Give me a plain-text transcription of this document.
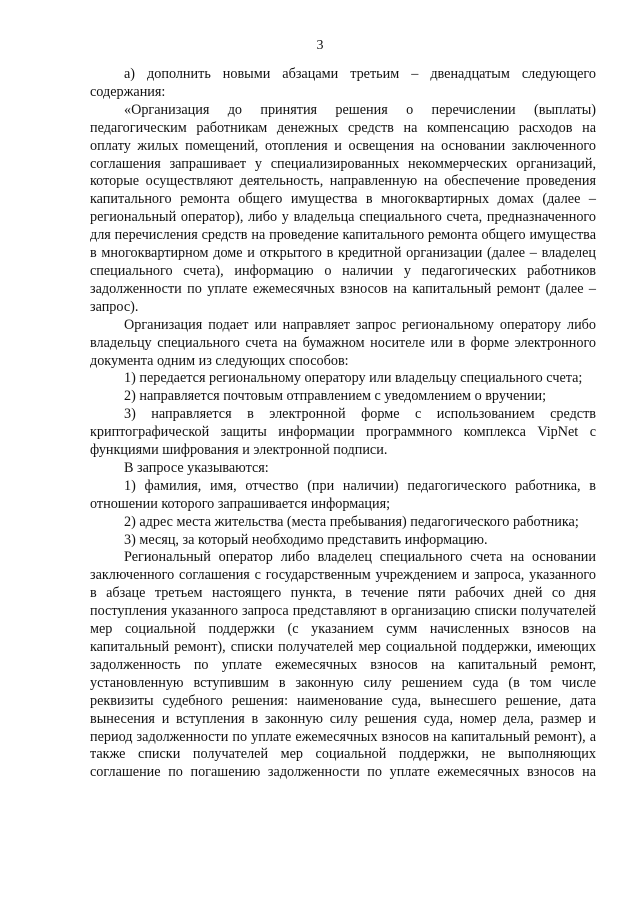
3

а) дополнить новыми абзацами третьим – двенадцатым следующего содержания:

«Организация до принятия решения о перечислении (выплаты) педагогическим работникам денежных средств на компенсацию расходов на оплату жилых помещений, отопления и освещения на основании заключенного соглашения запрашивает у специализированных некоммерческих организаций, которые осуществляют деятельность, направленную на обеспечение проведения капитального ремонта общего имущества в многоквартирных домах (далее – региональный оператор), либо у владельца специального счета, предназначенного для перечисления средств на проведение капитального ремонта общего имущества в многоквартирном доме и открытого в кредитной организации (далее – владелец специального счета), информацию о наличии у педагогических работников задолженности по уплате ежемесячных взносов на капитальный ремонт (далее – запрос).

Организация подает или направляет запрос региональному оператору либо владельцу специального счета на бумажном носителе или в форме электронного документа одним из следующих способов:

1) передается региональному оператору или владельцу специального счета;

2) направляется почтовым отправлением с уведомлением о вручении;

3) направляется в электронной форме с использованием средств криптографической защиты информации программного комплекса VipNet с функциями шифрования и электронной подписи.

В запросе указываются:

1) фамилия, имя, отчество (при наличии) педагогического работника, в отношении которого запрашивается информация;

2) адрес места жительства (места пребывания) педагогического работника;

3) месяц, за который необходимо представить информацию.

Региональный оператор либо владелец специального счета на основании заключенного соглашения с государственным учреждением и запроса, указанного в абзаце третьем настоящего пункта, в течение пяти рабочих дней со дня поступления указанного запроса представляют в организацию списки получателей мер социальной поддержки (с указанием сумм начисленных взносов на капитальный ремонт), списки получателей мер социальной поддержки, имеющих задолженность по уплате ежемесячных взносов на капитальный ремонт, установленную вступившим в законную силу решением суда (в том числе реквизиты судебного решения: наименование суда, вынесшего решение, дата вынесения и вступления в законную силу решения суда, номер дела, размер и период задолженности по уплате ежемесячных взносов на капитальный ремонт), а также списки получателей мер социальной поддержки, не выполняющих соглашение по погашению задолженности по уплате ежемесячных взносов на
